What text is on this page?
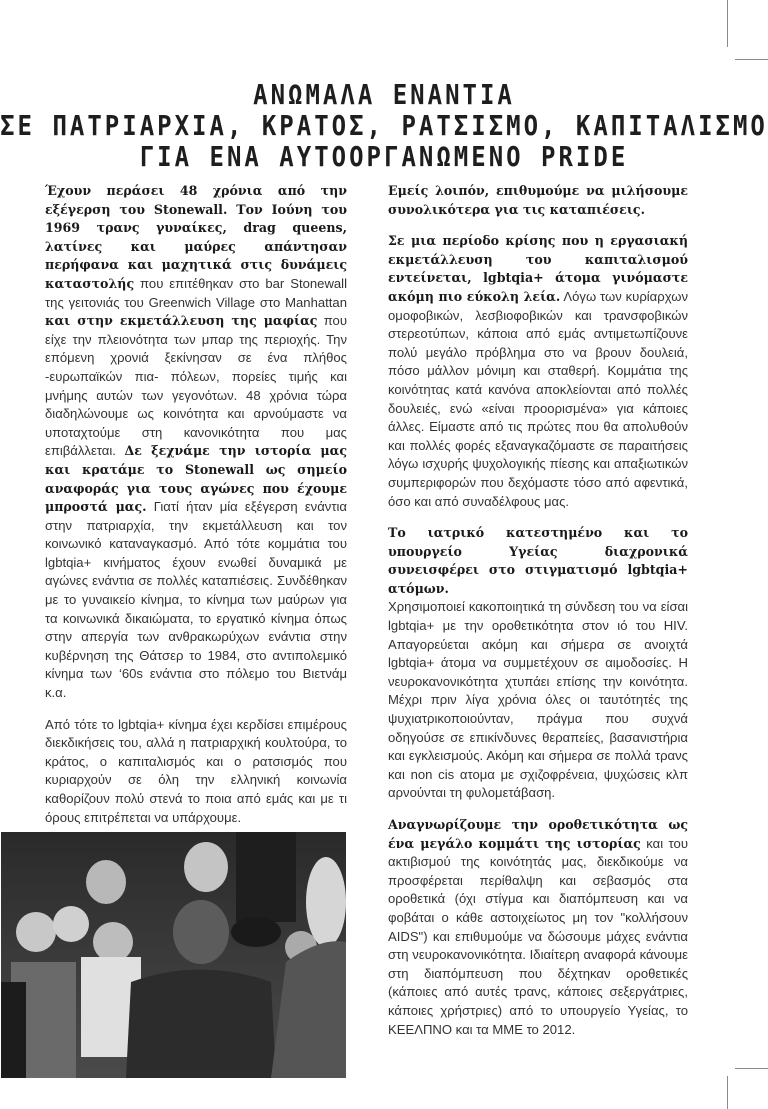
ΑΝΩΜΑΛΑ ΕΝΑΝΤΙΑ
ΣΕ ΠΑΤΡΙΑΡΧΙΑ, ΚΡΑΤΟΣ, ΡΑΤΣΙΣΜΟ, ΚΑΠΙΤΑΛΙΣΜΟ
ΓΙΑ ΕΝΑ ΑΥΤΟΟΡΓΑΝΩΜΕΝΟ PRIDE

Έχουν περάσει 48 χρόνια από την εξέγερση του Stonewall. Τον Ιούνη του 1969 τρανς γυναίκες, drag queens, λατίνες και μαύρες απάντησαν περήφανα και μαχητικά στις δυνάμεις καταστολής που επιτέθηκαν στο bar Stonewall της γειτονιάς του Greenwich Village στο Manhattan και στην εκμετάλλευση της μαφίας που είχε την πλειονότητα των μπαρ της περιοχής. Την επόμενη χρονιά ξεκίνησαν σε ένα πλήθος -ευρωπαϊκών πια- πόλεων, πορείες τιμής και μνήμης αυτών των γεγονότων. 48 χρόνια τώρα διαδηλώνουμε ως κοινότητα και αρνούμαστε να υποταχτούμε στη κανονικότητα που μας επιβάλλεται. Δε ξεχνάμε την ιστορία μας και κρατάμε το Stonewall ως σημείο αναφοράς για τους αγώνες που έχουμε μπροστά μας. Γιατί ήταν μία εξέγερση ενάντια στην πατριαρχία, την εκμετάλλευση και τον κοινωνικό καταναγκασμό. Από τότε κομμάτια του lgbtqia+ κινήματος έχουν ενωθεί δυναμικά με αγώνες ενάντια σε πολλές καταπιέσεις. Συνδέθηκαν με το γυναικείο κίνημα, το κίνημα των μαύρων για τα κοινωνικά δικαιώματα, το εργατικό κίνημα όπως στην απεργία των ανθρακωρύχων ενάντια στην κυβέρνηση της Θάτσερ το 1984, στο αντιπολεμικό κίνημα των ‘60s ενάντια στο πόλεμο του Βιετνάμ κ.α.

Από τότε το lgbtqia+ κίνημα έχει κερδίσει επιμέρους διεκδικήσεις του, αλλά η πατριαρχική κουλτούρα, το κράτος, ο καπιταλισμός και ο ρατσισμός που κυριαρχούν σε όλη την ελληνική κοινωνία καθορίζουν πολύ στενά το ποια από εμάς και με τι όρους επιτρέπεται να υπάρχουμε.

Εμείς λοιπόν, επιθυμούμε να μιλήσουμε συνολικότερα για τις καταπιέσεις.

Σε μια περίοδο κρίσης που η εργασιακή εκμετάλλευση του καπιταλισμού εντείνεται, lgbtqia+ άτομα γινόμαστε ακόμη πιο εύκολη λεία. Λόγω των κυρίαρχων ομοφοβικών, λεσβιοφοβικών και τρανσφοβικών στερεοτύπων, κάποια από εμάς αντιμετωπίζουνε πολύ μεγάλο πρόβλημα στο να βρουν δουλειά, πόσο μάλλον μόνιμη και σταθερή. Κομμάτια της κοινότητας κατά κανόνα αποκλείονται από πολλές δουλειές, ενώ «είναι προορισμένα» για κάποιες άλλες. Είμαστε από τις πρώτες που θα απολυθούν και πολλές φορές εξαναγκαζόμαστε σε παραιτήσεις λόγω ισχυρής ψυχολογικής πίεσης και απαξιωτικών συμπεριφορών που δεχόμαστε τόσο από αφεντικά, όσο και από συναδέλφους μας.

Το ιατρικό κατεστημένο και το υπουργείο Υγείας διαχρονικά συνεισφέρει στο στιγματισμό lgbtqia+ ατόμων.
Χρησιμοποιεί κακοποιητικά τη σύνδεση του να είσαι lgbtqia+ με την οροθετικότητα στον ιό του HIV. Απαγορεύεται ακόμη και σήμερα σε ανοιχτά lgbtqia+ άτομα να συμμετέχουν σε αιμοδοσίες. Η νευροκανονικότητα χτυπάει επίσης την κοινότητα. Μέχρι πριν λίγα χρόνια όλες οι ταυτότητές της ψυχιατρικοποιούνταν, πράγμα που συχνά οδηγούσε σε επικίνδυνες θεραπείες, βασανιστήρια και εγκλεισμούς. Ακόμη και σήμερα σε πολλά τρανς και non cis ατομα με σχιζοφρένεια, ψυχώσεις κλπ αρνούνται τη φυλομετάβαση.

Αναγνωρίζουμε την οροθετικότητα ως ένα μεγάλο κομμάτι της ιστορίας και του ακτιβισμού της κοινότητάς μας, διεκδικούμε να προσφέρεται περίθαλψη και σεβασμός στα οροθετικά (όχι στίγμα και διαπόμπευση και να φοβάται ο κάθε αστοιχείωτος μη τον "κολλήσουν AIDS") και επιθυμούμε να δώσουμε μάχες ενάντια στη νευροκανονικότητα. Ιδιαίτερη αναφορά κάνουμε στη διαπόμπευση που δέχτηκαν οροθετικές (κάποιες από αυτές τρανς, κάποιες σεξεργάτριες, κάποιες χρήστριες) από το υπουργείο Υγείας, το ΚΕΕΛΠΝΟ και τα ΜΜΕ το 2012.
